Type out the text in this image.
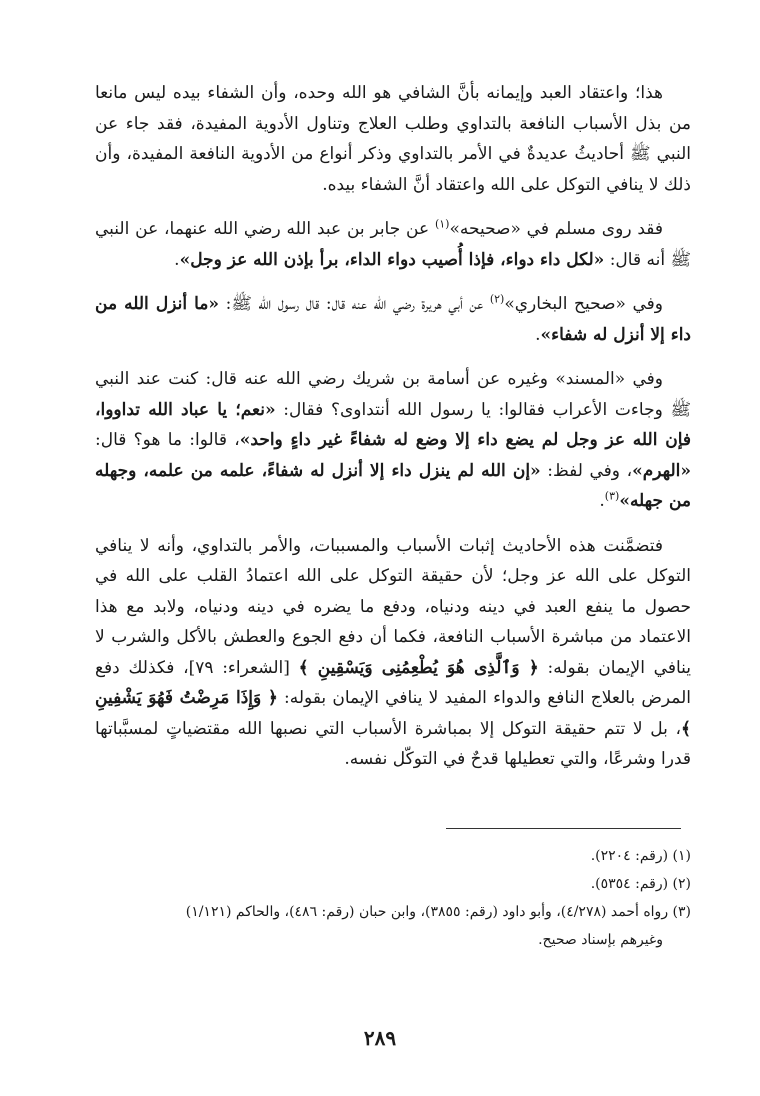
هذا؛ واعتقاد العبد وإيمانه بأنَّ الشافي هو الله وحده، وأن الشفاء بيده ليس مانعا من بذل الأسباب النافعة بالتداوي وطلب العلاج وتناول الأدوية المفيدة، فقد جاء عن النبي ﷺ أحاديثُ عديدةٌ في الأمر بالتداوي وذكر أنواع من الأدوية النافعة المفيدة، وأن ذلك لا ينافي التوكل على الله واعتقاد أنَّ الشفاء بيده.

فقد روى مسلم في «صحيحه»$^{(١)}$ عن جابر بن عبد الله رضي الله عنهما، عن النبي ﷺ أنه قال: «لكل داء دواء، فإذا أُصيب دواء الداء، برأ بإذن الله عز وجل».

وفي «صحيح البخاري»$^{(٢)}$ عن أبي هريرة رضي الله عنه قال: قال رسول الله ﷺ: «ما أنزل الله من داء إلا أنزل له شفاء».

وفي «المسند» وغيره عن أسامة بن شريك رضي الله عنه قال: كنت عند النبي ﷺ وجاءت الأعراب فقالوا: يا رسول الله أنتداوى؟ فقال: «نعم؛ يا عباد الله تداووا، فإن الله عز وجل لم يضع داء إلا وضع له شفاءً غير داءٍ واحد»، قالوا: ما هو؟ قال: «الهرم»، وفي لفظ: «إن الله لم ينزل داء إلا أنزل له شفاءً، علمه من علمه، وجهله من جهله»$^{(٣)}$.

فتضمَّنت هذه الأحاديث إثبات الأسباب والمسببات، والأمر بالتداوي، وأنه لا ينافي التوكل على الله عز وجل؛ لأن حقيقة التوكل على الله اعتمادُ القلب على الله في حصول ما ينفع العبد في دينه ودنياه، ودفع ما يضره في دينه ودنياه، ولابد مع هذا الاعتماد من مباشرة الأسباب النافعة، فكما أن دفع الجوع والعطش بالأكل والشرب لا ينافي الإيمان بقوله: ﴿ وَٱلَّذِى هُوَ يُطْعِمُنِى وَيَسْقِينِ ﴾ [الشعراء: ٧٩]، فكذلك دفع المرض بالعلاج النافع والدواء المفيد لا ينافي الإيمان بقوله: ﴿ وَإِذَا مَرِضْتُ فَهُوَ يَشْفِينِ ﴾، بل لا تتم حقيقة التوكل إلا بمباشرة الأسباب التي نصبها الله مقتضياتٍ لمسبَّباتها قدرا وشرعًا، والتي تعطيلها قدحٌ في التوكّل نفسه.

(١) (رقم: ٢٢٠٤).

(٢) (رقم: ٥٣٥٤).

(٣) رواه أحمد (٤/٢٧٨)، وأبو داود (رقم: ٣٨٥٥)، وابن حبان (رقم: ٤٨٦)، والحاكم (١/١٢١)

وغيرهم بإسناد صحيح.

٢٨٩
